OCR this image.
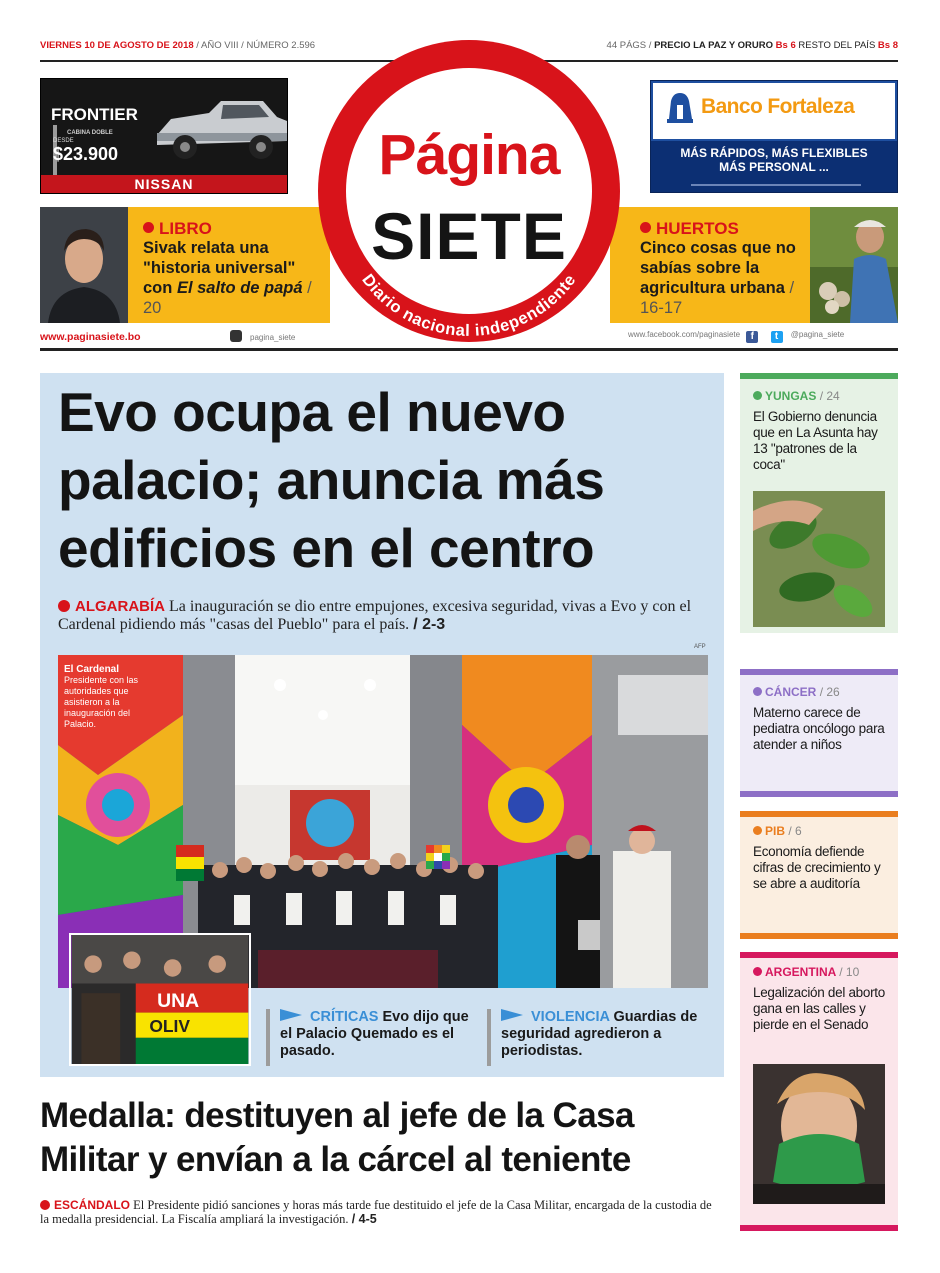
VIERNES 10 DE AGOSTO DE 2018 / AÑO VIII / NÚMERO 2.596	44 PÁGS / PRECIO LA PAZ Y ORURO Bs 6 RESTO DEL PAÍS Bs 8
FRONTIER
CABINA DOBLE
DESDE
$23.900
NISSAN
Banco Fortaleza
MÁS RÁPIDOS, MÁS FLEXIBLES
MÁS PERSONAL ...
LIBRO
Sivak relata una "historia universal" con El salto de papá / 20
HUERTOS
Cinco cosas que no sabías sobre la agricultura urbana / 16-17
Diario nacional independiente
Página
SIETE
www.paginasiete.bo	pagina_siete	www.facebook.com/paginasiete f t @pagina_siete
Evo ocupa el nuevo palacio; anuncia más edificios en el centro
ALGARABÍA La inauguración se dio entre empujones, excesiva seguridad, vivas a Evo y con el Cardenal pidiendo más "casas del Pueblo" para el país. / 2-3
AFP
El Cardenal
Presidente con las autoridades que asistieron a la inauguración del Palacio.
UNA
OLIV	CRÍTICAS Evo dijo que el Palacio Quemado es el pasado.
VIOLENCIA Guardias de seguridad agredieron a periodistas.
Medalla: destituyen al jefe de la Casa Militar y envían a la cárcel al teniente
ESCÁNDALO El Presidente pidió sanciones y horas más tarde fue destituido el jefe de la Casa Militar, encargada de la custodia de la medalla presidencial. La Fiscalía ampliará la investigación. / 4-5
YUNGAS / 24
El Gobierno denuncia que en La Asunta hay 13 "patrones de la coca"
CÁNCER / 26
Materno carece de pediatra oncólogo para atender a niños
PIB / 6
Economía defiende cifras de crecimiento y se abre a auditoría
ARGENTINA / 10
Legalización del aborto gana en las calles y pierde en el Senado
